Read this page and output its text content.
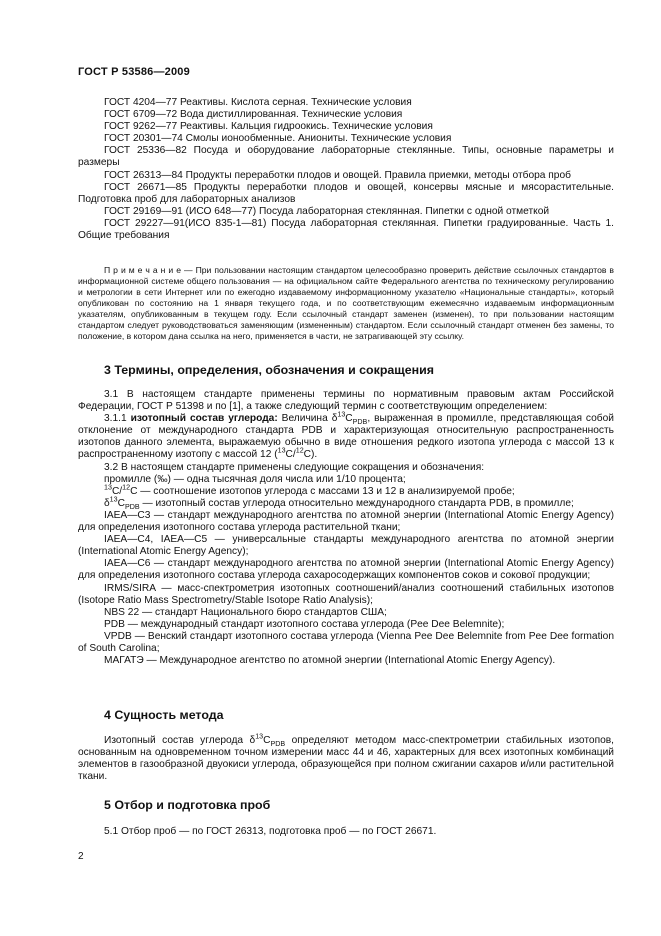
ГОСТ Р 53586—2009

ГОСТ 4204—77 Реактивы. Кислота серная. Технические условия

ГОСТ 6709—72 Вода дистиллированная. Технические условия

ГОСТ 9262—77 Реактивы. Кальция гидроокись. Технические условия

ГОСТ 20301—74 Смолы ионообменные. Аниониты. Технические условия

ГОСТ 25336—82 Посуда и оборудование лабораторные стеклянные. Типы, основные параметры и размеры

ГОСТ 26313—84 Продукты переработки плодов и овощей. Правила приемки, методы отбора проб

ГОСТ 26671—85 Продукты переработки плодов и овощей, консервы мясные и мясорастительные. Подготовка проб для лабораторных анализов

ГОСТ 29169—91 (ИСО 648—77) Посуда лабораторная стеклянная. Пипетки с одной отметкой

ГОСТ 29227—91(ИСО 835-1—81) Посуда лабораторная стеклянная. Пипетки градуированные. Часть 1. Общие требования

П р и м е ч а н и е — При пользовании настоящим стандартом целесообразно проверить действие ссылочных стандартов в информационной системе общего пользования — на официальном сайте Федерального агентства по техническому регулированию и метрологии в сети Интернет или по ежегодно издаваемому информационному указателю «Национальные стандарты», который опубликован по состоянию на 1 января текущего года, и по соответствующим ежемесячно издаваемым информационным указателям, опубликованным в текущем году. Если ссылочный стандарт заменен (изменен), то при пользовании настоящим стандартом следует руководствоваться заменяющим (измененным) стандартом. Если ссылочный стандарт отменен без замены, то положение, в котором дана ссылка на него, применяется в части, не затрагивающей эту ссылку.

3 Термины, определения, обозначения и сокращения

3.1 В настоящем стандарте применены термины по нормативным правовым актам Российской Федерации, ГОСТ Р 51398 и по [1], а также следующий термин с соответствующим определением:

3.1.1 изотопный состав углерода: Величина $\delta^{13}C_{PDB}$, выраженная в промилле, представляющая собой отклонение от международного стандарта PDB и характеризующая относительную распространенность изотопов данного элемента, выражаемую обычно в виде отношения редкого изотопа углерода с массой 13 к распространенному изотопу с массой 12 ($^{13}$C/$^{12}$C).

3.2 В настоящем стандарте применены следующие сокращения и обозначения:

промилле (‰) — одна тысячная доля числа или 1/10 процента;

$^{13}$C/$^{12}$C — соотношение изотопов углерода с массами 13 и 12 в анализируемой пробе;

$\delta^{13}C_{PDB}$ — изотопный состав углерода относительно международного стандарта PDB, в промилле;

IAEA—C3 — стандарт международного агентства по атомной энергии (International Atomic Energy Agency) для определения изотопного состава углерода растительной ткани;

IAEA—C4, IAEA—C5 — универсальные стандарты международного агентства по атомной энергии (International Atomic Energy Agency);

IAEA—C6 — стандарт международного агентства по атомной энергии (International Atomic Energy Agency) для определения изотопного состава углерода сахаросодержащих компонентов соков и сокової продукции;

IRMS/SIRA — масс-спектрометрия изотопных соотношений/анализ соотношений стабильных изотопов (Isotope Ratio Mass Spectrometry/Stable Isotope Ratio Analysis);

NBS 22 — стандарт Национального бюро стандартов США;

PDB — международный стандарт изотопного состава углерода (Pee Dee Belemnite);

VPDB — Венский стандарт изотопного состава углерода (Vienna Pee Dee Belemnite from Pee Dee formation of South Carolina;

МАГАТЭ — Международное агентство по атомной энергии (International Atomic Energy Agency).

4 Сущность метода

Изотопный состав углерода $\delta^{13}C_{PDB}$ определяют методом масс-спектрометрии стабильных изотопов, основанным на одновременном точном измерении масс 44 и 46, характерных для всех изотопных комбинаций элементов в газообразной двуокиси углерода, образующейся при полном сжигании сахаров и/или растительной ткани.

5 Отбор и подготовка проб

5.1 Отбор проб — по ГОСТ 26313, подготовка проб — по ГОСТ 26671.

2
